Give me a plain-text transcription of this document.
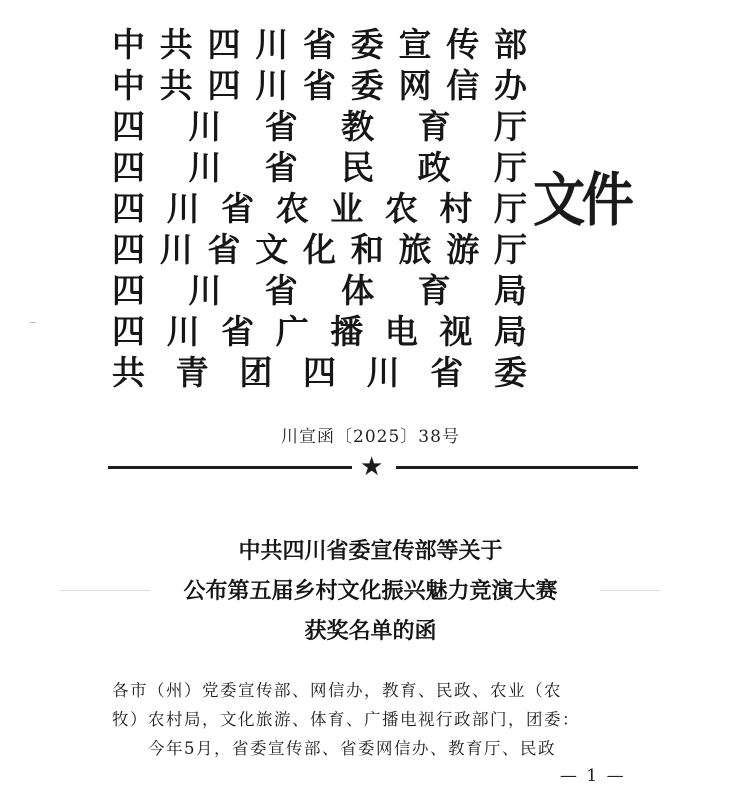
中 共 四 川 省 委 宣 传 部
中 共 四 川 省 委 网 信 办
四 川 省 教 育 厅
四 川 省 民 政 厅
四 川 省 农 业 农 村 厅
四 川 省 文 化 和 旅 游 厅
四 川 省 体 育 局
四 川 省 广 播 电 视 局
共 青 团 四 川 省 委
文件
川宣函〔2025〕38号
★
中共四川省委宣传部等关于
公布第五届乡村文化振兴魅力竞演大赛
获奖名单的函
各市（州）党委宣传部、网信办，教育、民政、农业（农
牧）农村局，文化旅游、体育、广播电视行政部门，团委：
今年5月，省委宣传部、省委网信办、教育厅、民政
— 1 —
